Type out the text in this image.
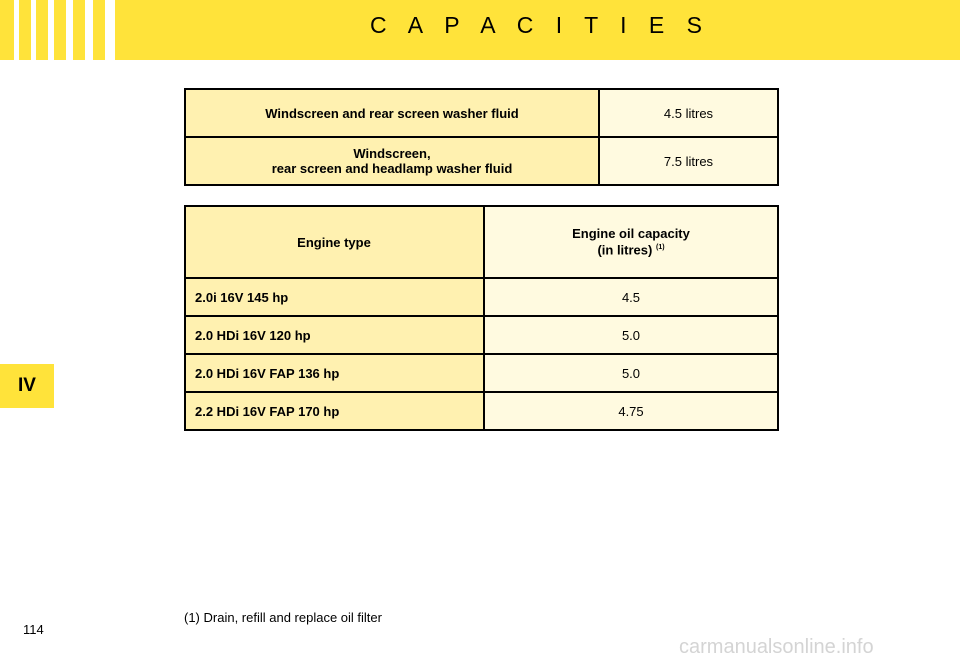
C A P A C I T I E S
IV
Windscreen and rear screen washer fluid	4.5 litres
Windscreen,
rear screen and headlamp washer fluid	7.5 litres
Engine type	Engine oil capacity
(in litres) $^{(1)}$
2.0i 16V 145 hp	4.5
2.0 HDi 16V 120 hp	5.0
2.0 HDi 16V FAP 136 hp	5.0
2.2 HDi 16V FAP 170 hp	4.75
(1) Drain, refill and replace oil filter
114
carmanualsonline.info
